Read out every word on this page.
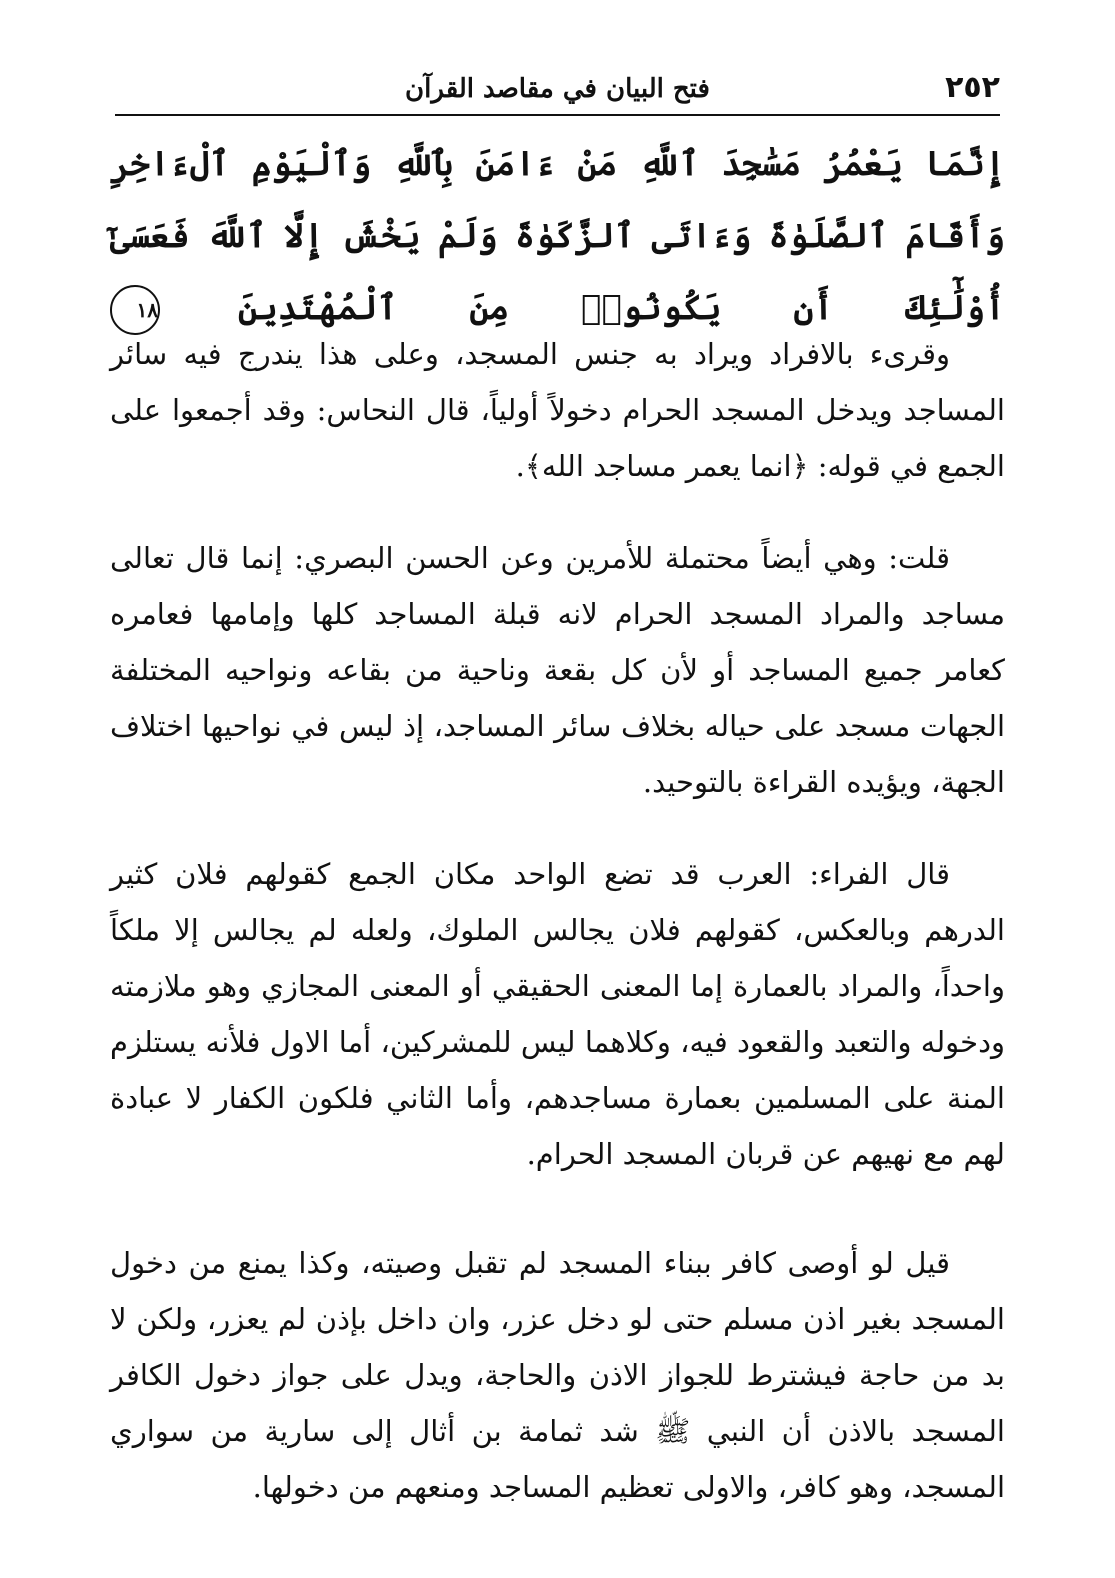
٢٥٢
فتح البيان في مقاصد القرآن
إِنَّمَا يَعْمُرُ مَسَٰجِدَ ٱللَّهِ مَنْ ءَامَنَ بِٱللَّهِ وَٱلْيَوْمِ ٱلْءَاخِرِ وَأَقَامَ ٱلصَّلَوٰةَ وَءَاتَى ٱلزَّكَوٰةَ وَلَمْ يَخْشَ إِلَّا ٱللَّهَ فَعَسَىٰٓ أُوْلَٰٓئِكَ أَن يَكُونُوا۟ مِنَ ٱلْمُهْتَدِينَ ١٨

وقرىء بالافراد ويراد به جنس المسجد، وعلى هذا يندرج فيه سائر المساجد ويدخل المسجد الحرام دخولاً أولياً، قال النحاس: وقد أجمعوا على الجمع في قوله: ﴿انما يعمر مساجد الله﴾.

قلت: وهي أيضاً محتملة للأمرين وعن الحسن البصري: إنما قال تعالى مساجد والمراد المسجد الحرام لانه قبلة المساجد كلها وإمامها فعامره كعامر جميع المساجد أو لأن كل بقعة وناحية من بقاعه ونواحيه المختلفة الجهات مسجد على حياله بخلاف سائر المساجد، إذ ليس في نواحيها اختلاف الجهة، ويؤيده القراءة بالتوحيد.

قال الفراء: العرب قد تضع الواحد مكان الجمع كقولهم فلان كثير الدرهم وبالعكس، كقولهم فلان يجالس الملوك، ولعله لم يجالس إلا ملكاً واحداً، والمراد بالعمارة إما المعنى الحقيقي أو المعنى المجازي وهو ملازمته ودخوله والتعبد والقعود فيه، وكلاهما ليس للمشركين، أما الاول فلأنه يستلزم المنة على المسلمين بعمارة مساجدهم، وأما الثاني فلكون الكفار لا عبادة لهم مع نهيهم عن قربان المسجد الحرام.

قيل لو أوصى كافر ببناء المسجد لم تقبل وصيته، وكذا يمنع من دخول المسجد بغير اذن مسلم حتى لو دخل عزر، وان داخل بإذن لم يعزر، ولكن لا بد من حاجة فيشترط للجواز الاذن والحاجة، ويدل على جواز دخول الكافر المسجد بالاذن أن النبي ﷺ شد ثمامة بن أثال إلى سارية من سواري المسجد، وهو كافر، والاولى تعظيم المساجد ومنعهم من دخولها.
